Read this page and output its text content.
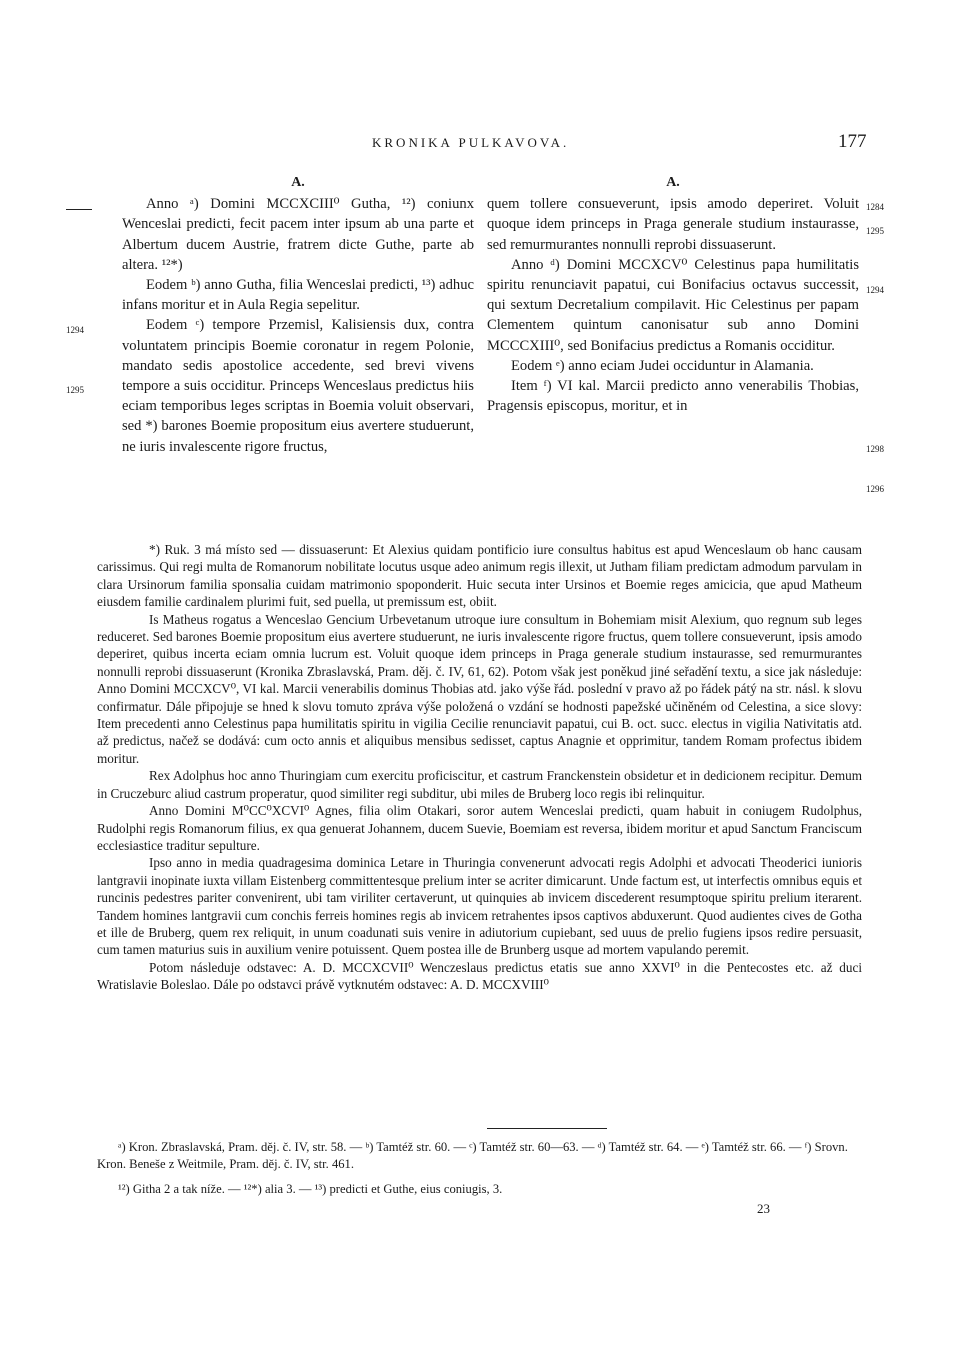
KRONIKA PULKAVOVA.	177
1294
1295
1284
1295
1294
1298
1296
A.

Anno ᵃ) Domini MCCXCIII⁰ Gutha, ¹²) coniunx Wenceslai predicti, fecit pacem inter ipsum ab una parte et Albertum ducem Austrie, fratrem dicte Guthe, parte ab altera. ¹²*)

Eodem ᵇ) anno Gutha, filia Wenceslai predicti, ¹³) adhuc infans moritur et in Aula Regia sepelitur.

Eodem ᶜ) tempore Przemisl, Kalisiensis dux, contra voluntatem principis Boemie coronatur in regem Polonie, mandato sedis apostolice accedente, sed brevi vivens tempore a suis occiditur. Princeps Wenceslaus predictus hiis eciam temporibus leges scriptas in Boemia voluit observari, sed *) barones Boemie propositum eius avertere studuerunt, ne iuris invalescente rigore fructus,

A.

quem tollere consueverunt, ipsis amodo deperiret. Voluit quoque idem princeps in Praga generale studium instaurasse, sed remurmurantes nonnulli reprobi dissuaserunt.

Anno ᵈ) Domini MCCXCV⁰ Celestinus papa humilitatis spiritu renunciavit papatui, cui Bonifacius octavus successit, qui sextum Decretalium compilavit. Hic Celestinus per papam Clementem quintum canonisatur sub anno Domini MCCCXIII⁰, sed Bonifacius predictus a Romanis occiditur.

Eodem ᵉ) anno eciam Judei occiduntur in Alamania.

Item ᶠ) VI kal. Marcii predicto anno venerabilis Thobias, Pragensis episcopus, moritur, et in

*) Ruk. 3 má místo sed — dissuaserunt: Et Alexius quidam pontificio iure consultus habitus est apud Wenceslaum ob hanc causam carissimus. Qui regi multa de Romanorum nobilitate locutus usque adeo animum regis illexit, ut Jutham filiam predictam admodum parvulam in clara Ursinorum familia sponsalia cuidam matrimonio spoponderit. Huic secuta inter Ursinos et Boemie reges amicicia, que apud Matheum eiusdem familie cardinalem plurimi fuit, sed puella, ut premissum est, obiit.

Is Matheus rogatus a Wenceslao Gencium Urbevetanum utroque iure consultum in Bohemiam misit Alexium, quo regnum sub leges reduceret. Sed barones Boemie propositum eius avertere studuerunt, ne iuris invalescente rigore fructus, quem tollere consueverunt, ipsis amodo deperiret, quibus incerta eciam omnia lucrum est. Voluit quoque idem princeps in Praga generale studium instaurasse, sed remurmurantes nonnulli reprobi dissuaserunt (Kronika Zbraslavská, Pram. děj. č. IV, 61, 62). Potom však jest poněkud jiné seřadění textu, a sice jak následuje: Anno Domini MCCXCV⁰, VI kal. Marcii venerabilis dominus Thobias atd. jako výše řád. poslední v pravo až po řádek pátý na str. násl. k slovu confirmatur. Dále připojuje se hned k slovu tomuto zpráva výše položená o vzdání se hodnosti papežské učiněném od Celestina, a sice slovy: Item precedenti anno Celestinus papa humilitatis spiritu in vigilia Cecilie renunciavit papatui, cui B. oct. succ. electus in vigilia Nativitatis atd. až predictus, načež se dodává: cum octo annis et aliquibus mensibus sedisset, captus Anagnie et opprimitur, tandem Romam profectus ibidem moritur.

Rex Adolphus hoc anno Thuringiam cum exercitu proficiscitur, et castrum Franckenstein obsidetur et in dedicionem recipitur. Demum in Cruczeburc aliud castrum properatur, quod similiter regi subditur, ubi miles de Bruberg loco regis ibi relinquitur.

Anno Domini M⁰CC⁰XCVI⁰ Agnes, filia olim Otakari, soror autem Wenceslai predicti, quam habuit in coniugem Rudolphus, Rudolphi regis Romanorum filius, ex qua genuerat Johannem, ducem Suevie, Boemiam est reversa, ibidem moritur et apud Sanctum Franciscum ecclesiastice traditur sepulture.

Ipso anno in media quadragesima dominica Letare in Thuringia convenerunt advocati regis Adolphi et advocati Theoderici iunioris lantgravii inopinate iuxta villam Eistenberg committentesque prelium inter se acriter dimicarunt. Unde factum est, ut interfectis omnibus equis et runcinis pedestres pariter convenirent, ubi tam viriliter certaverunt, ut quinquies ab invicem discederent resumptoque spiritu prelium iterarent. Tandem homines lantgravii cum conchis ferreis homines regis ab invicem retrahentes ipsos captivos abduxerunt. Quod audientes cives de Gotha et ille de Bruberg, quem rex reliquit, in unum coadunati suis venire in adiutorium cupiebant, sed uuus de prelio fugiens ipsos redire persuasit, cum tamen maturius suis in auxilium venire potuissent. Quem postea ille de Brunberg usque ad mortem vapulando peremit.

Potom následuje odstavec: A. D. MCCXCVII⁰ Wenczeslaus predictus etatis sue anno XXVI⁰ in die Pentecostes etc. až duci Wratislavie Boleslao. Dále po odstavci právě vytknutém odstavec: A. D. MCCXVIII⁰

ᵃ) Kron. Zbraslavská, Pram. děj. č. IV, str. 58. — ᵇ) Tamtéž str. 60. — ᶜ) Tamtéž str. 60—63. — ᵈ) Tamtéž str. 64. — ᵉ) Tamtéž str. 66. — ᶠ) Srovn. Kron. Beneše z Weitmile, Pram. děj. č. IV, str. 461.
¹²) Githa 2 a tak níže. — ¹²*) alia 3. — ¹³) predicti et Guthe, eius coniugis, 3.
23
